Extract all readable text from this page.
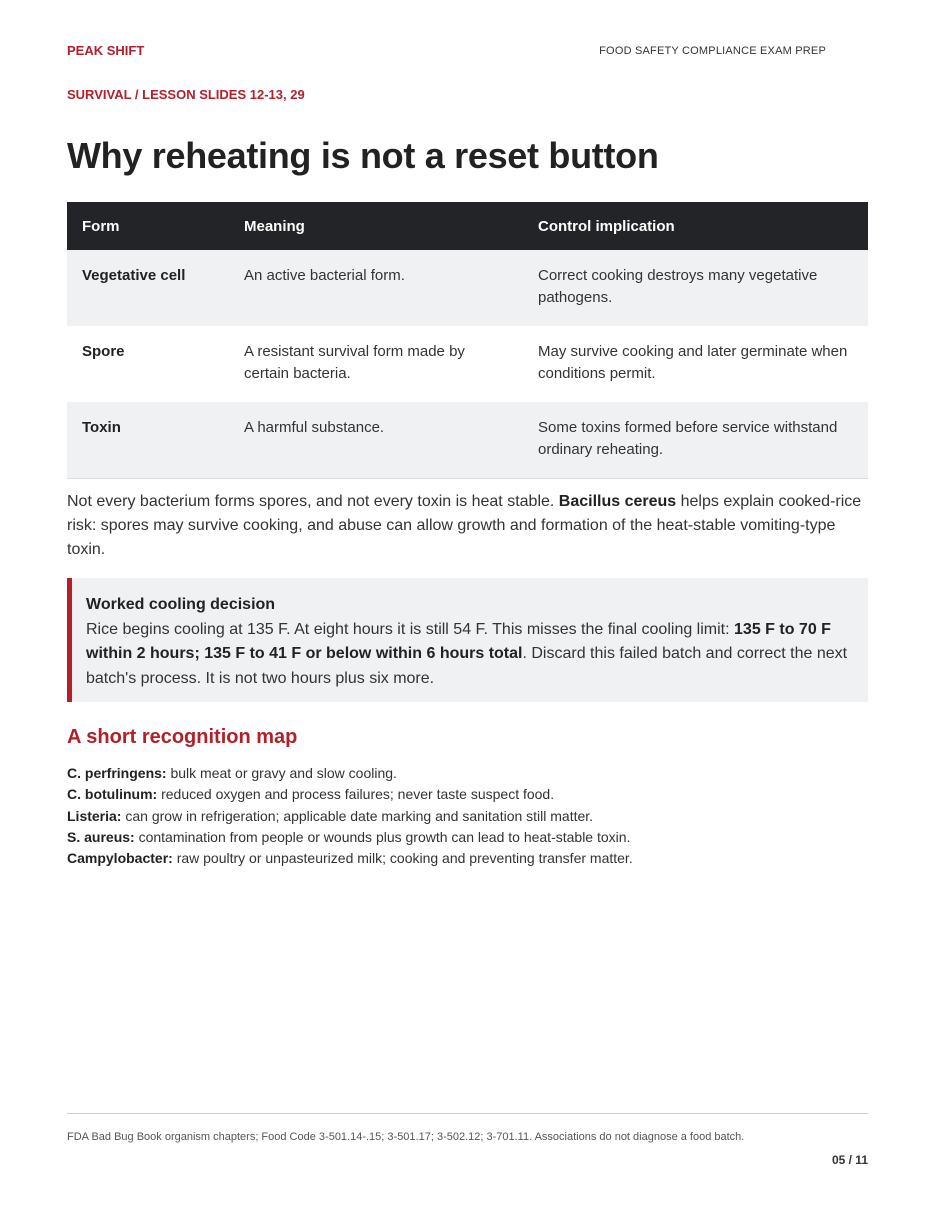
PEAK SHIFT	FOOD SAFETY COMPLIANCE EXAM PREP
SURVIVAL / LESSON SLIDES 12-13, 29
Why reheating is not a reset button
Form	Meaning	Control implication
Vegetative cell	An active bacterial form.	Correct cooking destroys many vegetative pathogens.
Spore	A resistant survival form made by certain bacteria.	May survive cooking and later germinate when conditions permit.
Toxin	A harmful substance.	Some toxins formed before service withstand ordinary reheating.

Not every bacterium forms spores, and not every toxin is heat stable. Bacillus cereus helps explain cooked-rice risk: spores may survive cooking, and abuse can allow growth and formation of the heat-stable vomiting-type toxin.

Worked cooling decision
Rice begins cooling at 135 F. At eight hours it is still 54 F. This misses the final cooling limit: 135 F to 70 F within 2 hours; 135 F to 41 F or below within 6 hours total. Discard this failed batch and correct the next batch's process. It is not two hours plus six more.
A short recognition map
C. perfringens: bulk meat or gravy and slow cooling.
C. botulinum: reduced oxygen and process failures; never taste suspect food.
Listeria: can grow in refrigeration; applicable date marking and sanitation still matter.
S. aureus: contamination from people or wounds plus growth can lead to heat-stable toxin.
Campylobacter: raw poultry or unpasteurized milk; cooking and preventing transfer matter.
FDA Bad Bug Book organism chapters; Food Code 3-501.14-.15; 3-501.17; 3-502.12; 3-701.11. Associations do not diagnose a food batch.
05 / 11
